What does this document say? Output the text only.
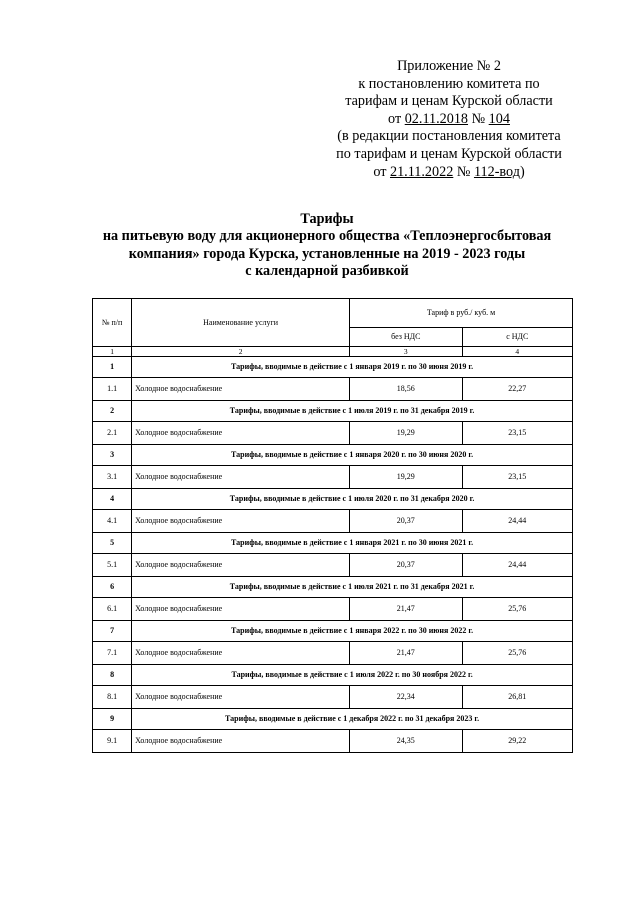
Приложение № 2
к постановлению комитета по
тарифам и ценам Курской области
от 02.11.2018 № 104
(в редакции постановления комитета
по тарифам и ценам Курской области
от 21.11.2022 № 112-вод)
Тарифы
на питьевую воду для акционерного общества «Теплоэнергосбытовая
компания» города Курска, установленные на 2019 - 2023 годы
с календарной разбивкой
№ п/п	Наименование услуги	Тариф в руб./ куб. м	
		без НДС	с НДС
1	2	3	4
1	Тарифы, вводимые в действие с 1 января 2019 г. по 30 июня 2019 г.		
1.1	Холодное водоснабжение	18,56	22,27
2	Тарифы, вводимые в действие с 1 июля 2019 г. по 31 декабря 2019 г.		
2.1	Холодное водоснабжение	19,29	23,15
3	Тарифы, вводимые в действие с 1 января 2020 г. по 30 июня 2020 г.		
3.1	Холодное водоснабжение	19,29	23,15
4	Тарифы, вводимые в действие с 1 июля 2020 г. по 31 декабря 2020 г.		
4.1	Холодное водоснабжение	20,37	24,44
5	Тарифы, вводимые в действие с 1 января 2021 г. по 30 июня 2021 г.		
5.1	Холодное водоснабжение	20,37	24,44
6	Тарифы, вводимые в действие с 1 июля 2021 г. по 31 декабря 2021 г.		
6.1	Холодное водоснабжение	21,47	25,76
7	Тарифы, вводимые в действие с 1 января 2022 г. по 30 июня 2022 г.		
7.1	Холодное водоснабжение	21,47	25,76
8	Тарифы, вводимые в действие с 1 июля 2022 г. по 30 ноября 2022 г.		
8.1	Холодное водоснабжение	22,34	26,81
9	Тарифы, вводимые в действие с 1 декабря 2022 г. по 31 декабря 2023 г.		
9.1	Холодное водоснабжение	24,35	29,22
